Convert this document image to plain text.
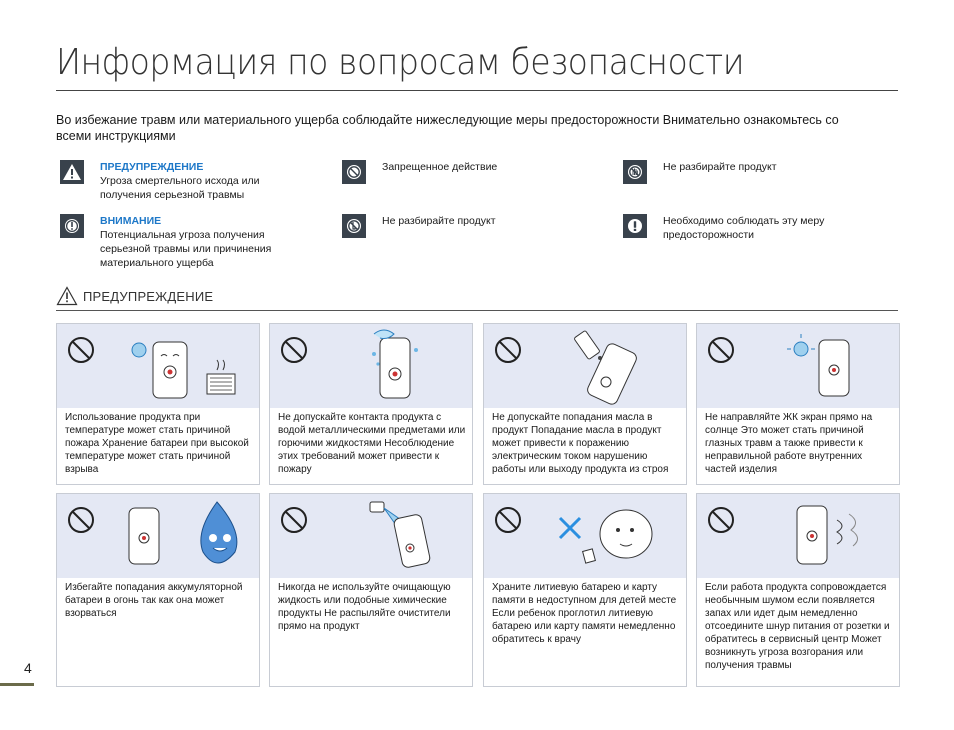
Информация по вопросам безопасности

Во избежание травм или материального ущерба соблюдайте нижеследующие меры предосторожности Внимательно ознакомьтесь со всеми инструкциями

ПРЕДУПРЕЖДЕНИЕ
Угроза смертельного исхода или получения серьезной травмы
Запрещенное действие	Не разбирайте продукт
ВНИМАНИЕ
Потенциальная угроза получения серьезной травмы или причинения материального ущерба
Не разбирайте продукт	Необходимо соблюдать эту меру предосторожности
ПРЕДУПРЕЖДЕНИЕ
Использование продукта при температуре может стать причиной пожара Хранение батареи при высокой температуре может стать причиной взрыва
Не допускайте контакта продукта с водой металлическими предметами или горючими жидкостями Несоблюдение этих требований может привести к пожару
Не допускайте попадания масла в продукт Попадание масла в продукт может привести к поражению электрическим током нарушению работы или выходу продукта из строя
Не направляйте ЖК экран прямо на солнце Это может стать причиной глазных травм а также привести к неправильной работе внутренних частей изделия
Избегайте попадания аккумуляторной батареи в огонь так как она может взорваться
Никогда не используйте очищающую жидкость или подобные химические продукты Не распыляйте очистители прямо на продукт
Храните литиевую батарею и карту памяти в недоступном для детей месте Если ребенок проглотил литиевую батарею или карту памяти немедленно обратитесь к врачу
Если работа продукта сопровождается необычным шумом если появляется запах или идет дым немедленно отсоедините шнур питания от розетки и обратитесь в сервисный центр Может возникнуть угроза возгорания или получения травмы
4
